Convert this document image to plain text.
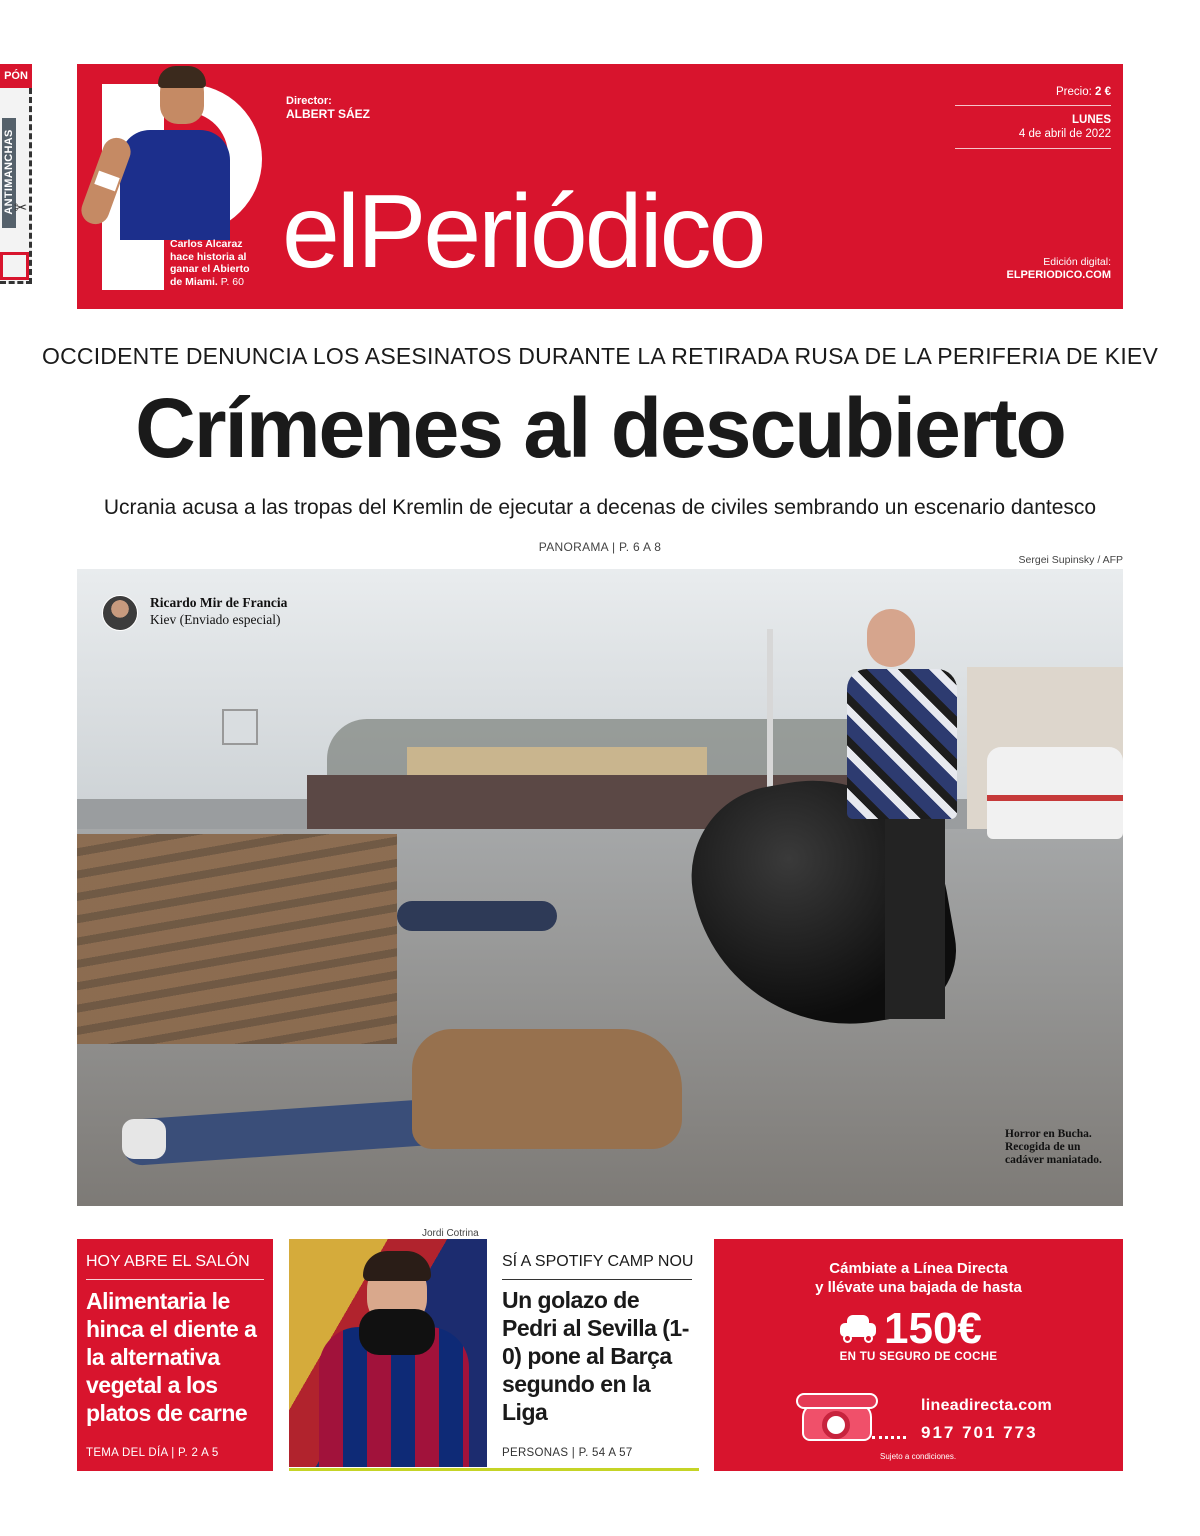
PÓN
ANTIMANCHAS ✂
Carlos Alcaraz hace historia al ganar el Abierto de Miami. P. 60
Director:
ALBERT SÁEZ
elPeriódico
Precio: 2 €
LUNES
4 de abril de 2022
Edición digital:
ELPERIODICO.COM
OCCIDENTE DENUNCIA LOS ASESINATOS DURANTE LA RETIRADA RUSA DE LA PERIFERIA DE KIEV
Crímenes al descubierto
Ucrania acusa a las tropas del Kremlin de ejecutar a decenas de civiles sembrando un escenario dantesco
PANORAMA | P. 6 A 8
Sergei Supinsky / AFP
Ricardo Mir de Francia
Kiev (Enviado especial)
Horror en Bucha. Recogida de un cadáver maniatado.
HOY ABRE EL SALÓN
Alimentaria le hinca el diente a la alternativa vegetal a los platos de carne
TEMA DEL DÍA | P. 2 A 5
Jordi Cotrina
SÍ A SPOTIFY CAMP NOU
Un golazo de Pedri al Sevilla (1-0) pone al Barça segundo en la Liga
PERSONAS | P. 54 A 57
Cámbiate a Línea Directa
y llévate una bajada de hasta
150€
EN TU SEGURO DE COCHE
lineadirecta.com
917 701 773
Sujeto a condiciones.
